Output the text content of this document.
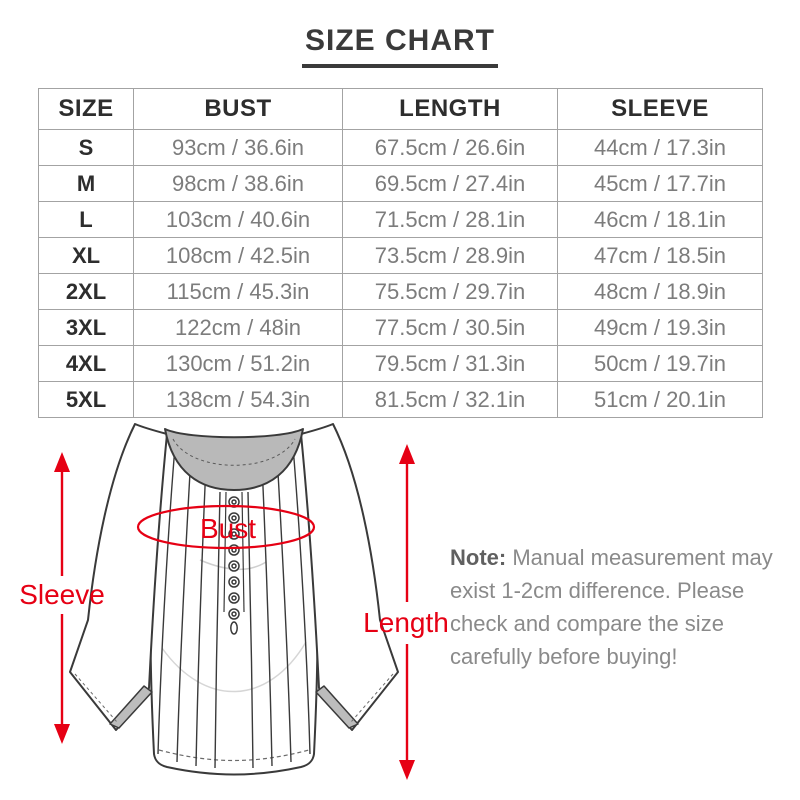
SIZE CHART
SIZE	BUST	LENGTH	SLEEVE
S	93cm / 36.6in	67.5cm / 26.6in	44cm / 17.3in
M	98cm / 38.6in	69.5cm / 27.4in	45cm / 17.7in
L	103cm / 40.6in	71.5cm / 28.1in	46cm / 18.1in
XL	108cm / 42.5in	73.5cm / 28.9in	47cm / 18.5in
2XL	115cm / 45.3in	75.5cm / 29.7in	48cm / 18.9in
3XL	122cm / 48in	77.5cm / 30.5in	49cm / 19.3in
4XL	130cm / 51.2in	79.5cm / 31.3in	50cm / 19.7in
5XL	138cm / 54.3in	81.5cm / 32.1in	51cm / 20.1in
Bust
Sleeve
Length
Note: Manual measurement may exist 1-2cm difference. Please check and compare the size carefully before buying!
